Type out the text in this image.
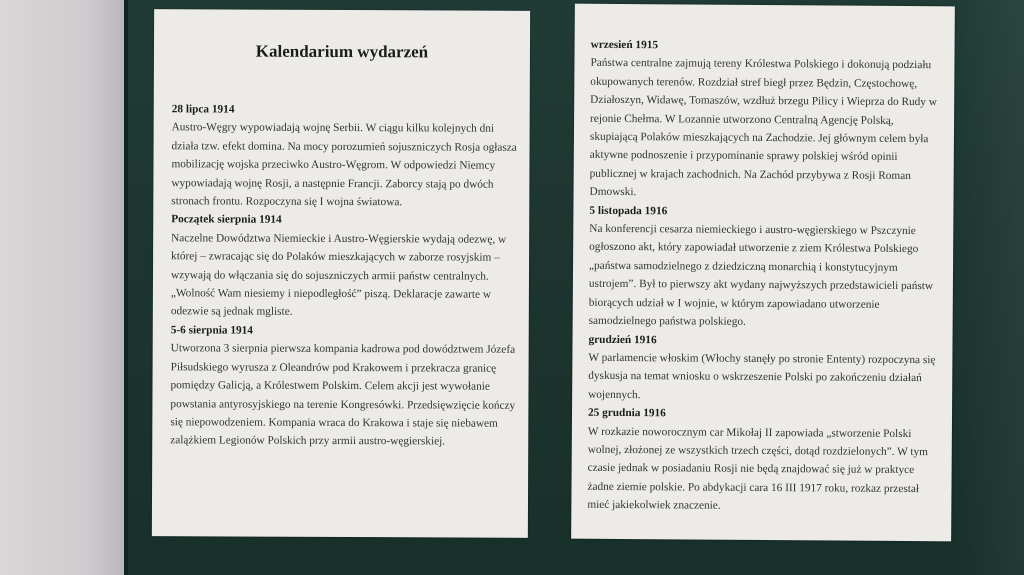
Kalendarium wydarzeń
28 lipca 1914
Austro-Węgry wypowiadają wojnę Serbii. W ciągu kilku kolejnych dni działa tzw. efekt domina. Na mocy porozumień sojuszniczych Rosja ogłasza mobilizację wojska przeciwko Austro-Węgrom. W odpowiedzi Niemcy wypowiadają wojnę Rosji, a następnie Francji. Zaborcy stają po dwóch stronach frontu. Rozpoczyna się I wojna światowa.
Początek sierpnia 1914
Naczelne Dowództwa Niemieckie i Austro-Węgierskie wydają odezwę, w której – zwracając się do Polaków mieszkających w zaborze rosyjskim – wzywają do włączania się do sojuszniczych armii państw centralnych. „Wolność Wam niesiemy i niepodległość” piszą. Deklaracje zawarte w odezwie są jednak mgliste.
5-6 sierpnia 1914
Utworzona 3 sierpnia pierwsza kompania kadrowa pod dowództwem Józefa Piłsudskiego wyrusza z Oleandrów pod Krakowem i przekracza granicę pomiędzy Galicją, a Królestwem Polskim. Celem akcji jest wywołanie powstania antyrosyjskiego na terenie Kongresówki. Przedsięwzięcie kończy się niepowodzeniem. Kompania wraca do Krakowa i staje się niebawem zalążkiem Legionów Polskich przy armii austro-węgierskiej.
wrzesień 1915
Państwa centralne zajmują tereny Królestwa Polskiego i dokonują podziału okupowanych terenów. Rozdział stref biegł przez Będzin, Częstochowę, Działoszyn, Widawę, Tomaszów, wzdłuż brzegu Pilicy i Wieprza do Rudy w rejonie Chełma. W Lozannie utworzono Centralną Agencję Polską, skupiającą Polaków mieszkających na Zachodzie. Jej głównym celem była aktywne podnoszenie i przypominanie sprawy polskiej wśród opinii publicznej w krajach zachodnich. Na Zachód przybywa z Rosji Roman Dmowski.
5 listopada 1916
Na konferencji cesarza niemieckiego i austro-węgierskiego w Pszczynie ogłoszono akt, który zapowiadał utworzenie z ziem Królestwa Polskiego „państwa samodzielnego z dziedziczną monarchią i konstytucyjnym ustrojem”. Był to pierwszy akt wydany najwyższych przedstawicieli państw biorących udział w I wojnie, w którym zapowiadano utworzenie samodzielnego państwa polskiego.
grudzień 1916
W parlamencie włoskim (Włochy stanęły po stronie Ententy) rozpoczyna się dyskusja na temat wniosku o wskrzeszenie Polski po zakończeniu działań wojennych.
25 grudnia 1916
W rozkazie noworocznym car Mikołaj II zapowiada „stworzenie Polski wolnej, złożonej ze wszystkich trzech części, dotąd rozdzielonych”. W tym czasie jednak w posiadaniu Rosji nie będą znajdować się już w praktyce żadne ziemie polskie. Po abdykacji cara 16 III 1917 roku, rozkaz przestał mieć jakiekolwiek znaczenie.
